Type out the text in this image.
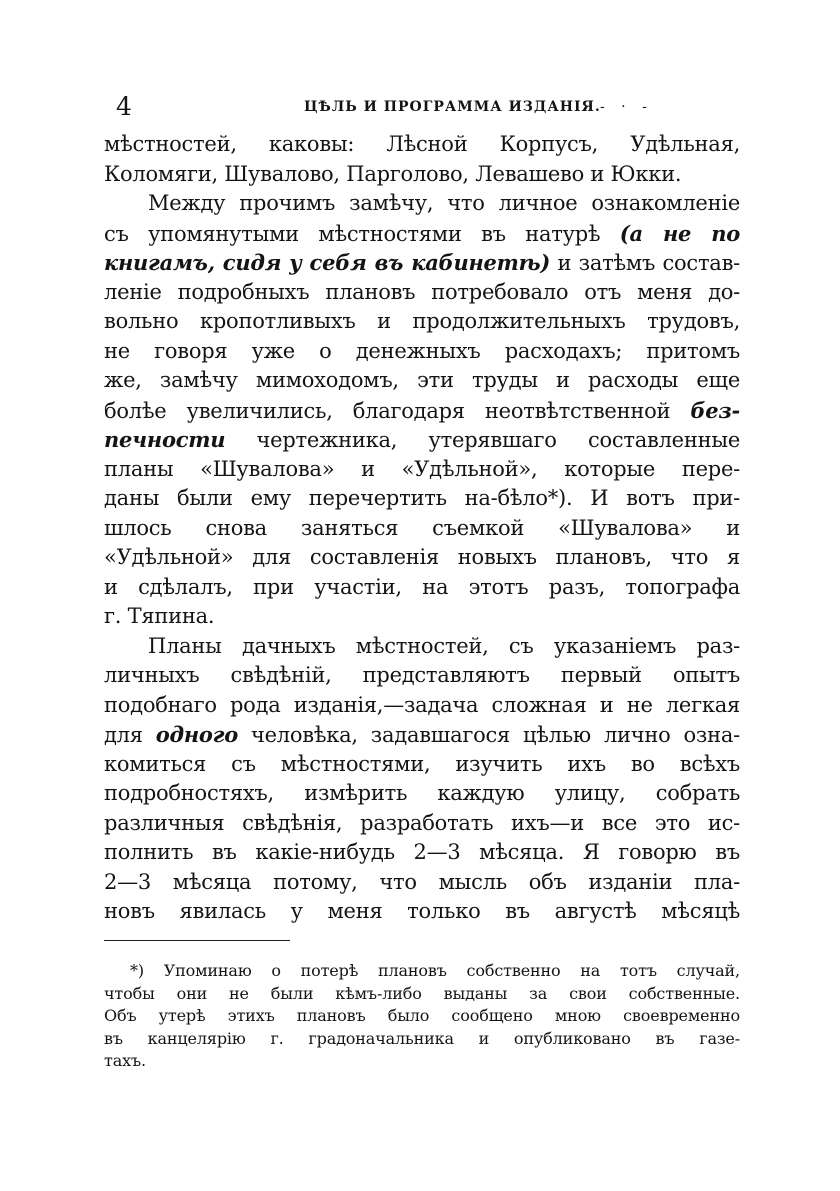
4	ЦѢЛЬ И ПРОГРАММА ИЗДАНІЯ. - · -
мѣстностей, каковы: Лѣсной Корпусъ, Удѣльная,
Коломяги, Шувалово, Парголово, Левашево и Юкки.
Между прочимъ замѣчу, что личное ознакомленіе
съ упомянутыми мѣстностями въ натурѣ (а не по
книгамъ, сидя у себя въ кабинетѣ) и затѣмъ состав-
леніе подробныхъ плановъ потребовало отъ меня до-
вольно кропотливыхъ и продолжительныхъ трудовъ,
не говоря уже о денежныхъ расходахъ; притомъ
же, замѣчу мимоходомъ, эти труды и расходы еще
болѣе увеличились, благодаря неотвѣтственной без-
печности чертежника, утерявшаго составленные
планы «Шувалова» и «Удѣльной», которые пере-
даны были ему перечертить на-бѣло*). И вотъ при-
шлось снова заняться съемкой «Шувалова» и
«Удѣльной» для составленія новыхъ плановъ, что я
и сдѣлалъ, при участіи, на этотъ разъ, топографа
г. Тяпина.
Планы дачныхъ мѣстностей, съ указаніемъ раз-
личныхъ свѣдѣній, представляютъ первый опытъ
подобнаго рода изданія,—задача сложная и не легкая
для одного человѣка, задавшагося цѣлью лично озна-
комиться съ мѣстностями, изучить ихъ во всѣхъ
подробностяхъ, измѣрить каждую улицу, собрать
различныя свѣдѣнія, разработать ихъ—и все это ис-
полнить въ какіе-нибудь 2—3 мѣсяца. Я говорю въ
2—3 мѣсяца потому, что мысль объ изданіи пла-
новъ явилась у меня только въ августѣ мѣсяцѣ
*) Упоминаю о потерѣ плановъ собственно на тотъ случай,
чтобы они не были кѣмъ-либо выданы за свои собственные.
Объ утерѣ этихъ плановъ было сообщено мною своевременно
въ канцелярію г. градоначальника и опубликовано въ газе-
тахъ.
